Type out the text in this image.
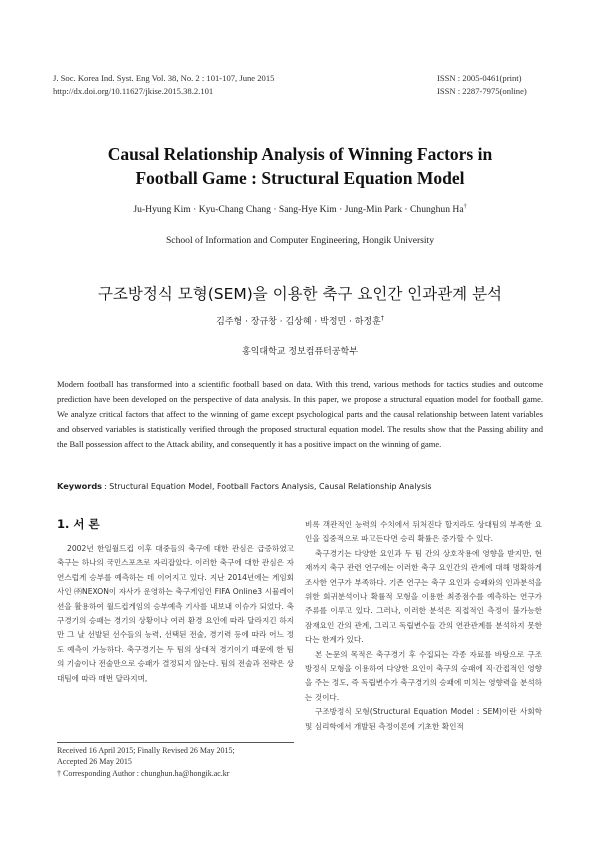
J. Soc. Korea Ind. Syst. Eng Vol. 38, No. 2 : 101-107, June 2015
http://dx.doi.org/10.11627/jkise.2015.38.2.101
ISSN : 2005-0461(print)
ISSN : 2287-7975(online)
Causal Relationship Analysis of Winning Factors in
Football Game : Structural Equation Model
Ju-Hyung Kim · Kyu-Chang Chang · Sang-Hye Kim · Jung-Min Park · Chunghun Ha†
School of Information and Computer Engineering, Hongik University
구조방정식 모형(SEM)을 이용한 축구 요인간 인과관계 분석
김주형 · 장규창 · 김상혜 · 박정민 · 하정훈†
홍익대학교 정보컴퓨터공학부
Modern football has transformed into a scientific football based on data. With this trend, various methods for tactics studies and outcome prediction have been developed on the perspective of data analysis. In this paper, we propose a structural equation model for football game. We analyze critical factors that affect to the winning of game except psychological parts and the causal relationship between latent variables and observed variables is statistically verified through the proposed structural equation model. The results show that the Passing ability and the Ball possession affect to the Attack ability, and consequently it has a positive impact on the winning of game.
Keywords : Structural Equation Model, Football Factors Analysis, Causal Relationship Analysis
1. 서 론

2002년 한일월드컵 이후 대중들의 축구에 대한 관심은 급증하였고 축구는 하나의 국민스포츠로 자리잡았다. 이러한 축구에 대한 관심은 자연스럽게 승부를 예측하는 데 이어지고 있다. 지난 2014년에는 게임회사인 ㈜NEXON이 자사가 운영하는 축구게임인 FIFA Online3 시뮬레이션을 활용하여 월드컵게임의 승부예측 기사를 내보내 이슈가 되었다. 축구경기의 승패는 경기의 상황이나 여러 환경 요인에 따라 달라지긴 하지만 그 날 선발된 선수들의 능력, 선택된 전술, 경기력 등에 따라 어느 정도 예측이 가능하다. 축구경기는 두 팀의 상대적 경기이기 때문에 한 팀의 기술이나 전술만으로 승패가 결정되지 않는다. 팀의 전술과 전략은 상대팀에 따라 매번 달라지며,

비록 객관적인 능력의 수치에서 뒤처진다 할지라도 상대팀의 부족한 요인을 집중적으로 파고든다면 승리 확률은 증가할 수 있다.

축구경기는 다양한 요인과 두 팀 간의 상호작용에 영향을 받지만, 현재까지 축구 관련 연구에는 이러한 축구 요인간의 관계에 대해 명확하게 조사한 연구가 부족하다. 기존 연구는 축구 요인과 승패와의 인과분석을 위한 회귀분석이나 확률적 모형을 이용한 최종점수를 예측하는 연구가 주류를 이루고 있다. 그러나, 이러한 분석은 직접적인 측정이 불가능한 잠재요인 간의 관계, 그리고 독립변수들 간의 연관관계를 분석하지 못한다는 한계가 있다.

본 논문의 목적은 축구경기 후 수집되는 각종 자료를 바탕으로 구조방정식 모형을 이용하여 다양한 요인이 축구의 승패에 직·간접적인 영향을 주는 정도, 즉 독립변수가 축구경기의 승패에 미치는 영향력을 분석하는 것이다.

구조방정식 모형(Structural Equation Model : SEM)이란 사회학 및 심리학에서 개발된 측정이론에 기초한 확인적

Received 16 April 2015; Finally Revised 26 May 2015;
Accepted 26 May 2015
† Corresponding Author : chunghun.ha@hongik.ac.kr
